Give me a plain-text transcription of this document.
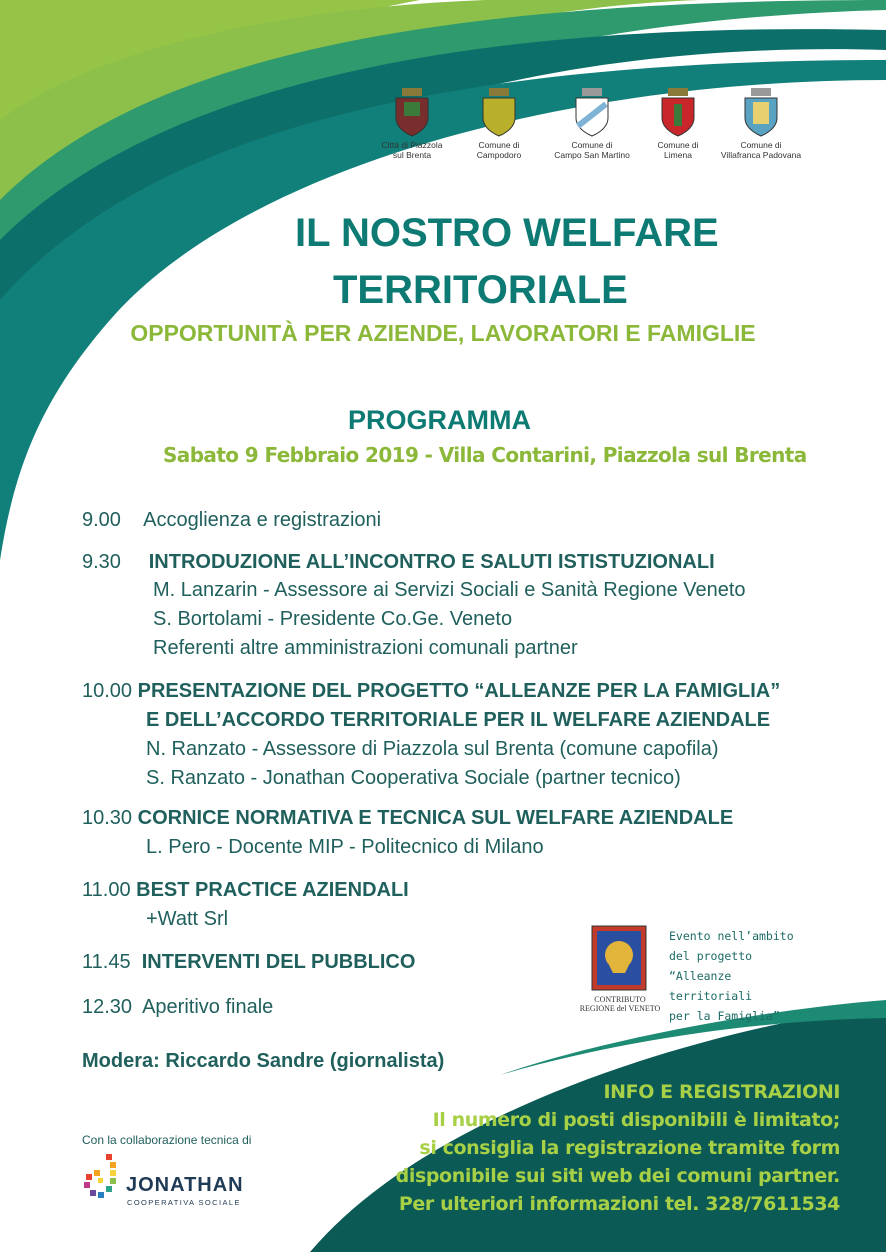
Città di Piazzola
sul Brenta
Comune di
Campodoro
Comune di
Campo San Martino
Comune di
Limena
Comune di
Villafranca Padovana
IL NOSTRO WELFARE
TERRITORIALE
OPPORTUNITÀ PER AZIENDE, LAVORATORI E FAMIGLIE
PROGRAMMA
Sabato 9 Febbraio 2019 - Villa Contarini, Piazzola sul Brenta
9.00 Accoglienza e registrazioni
9.30 INTRODUZIONE ALL’INCONTRO E SALUTI ISTISTUZIONALI
M. Lanzarin - Assessore ai Servizi Sociali e Sanità Regione Veneto
S. Bortolami - Presidente Co.Ge. Veneto
Referenti altre amministrazioni comunali partner
10.00 PRESENTAZIONE DEL PROGETTO “ALLEANZE PER LA FAMIGLIA”
E DELL’ACCORDO TERRITORIALE PER IL WELFARE AZIENDALE
N. Ranzato - Assessore di Piazzola sul Brenta (comune capofila)
S. Ranzato - Jonathan Cooperativa Sociale (partner tecnico)
10.30 CORNICE NORMATIVA E TECNICA SUL WELFARE AZIENDALE
L. Pero - Docente MIP - Politecnico di Milano
11.00 BEST PRACTICE AZIENDALI
+Watt Srl
11.45 INTERVENTI DEL PUBBLICO
12.30 Aperitivo finale
Modera: Riccardo Sandre (giornalista)
CONTRIBUTO
REGIONE del VENETO
Evento nell’ambito
del progetto
“Alleanze territoriali
per la Famiglia”
INFO E REGISTRAZIONI
Il numero di posti disponibili è limitato;
si consiglia la registrazione tramite form
disponibile sui siti web dei comuni partner.
Per ulteriori informazioni tel. 328/7611534
Con la collaborazione tecnica di
JONATHAN
COOPERATIVA SOCIALE
